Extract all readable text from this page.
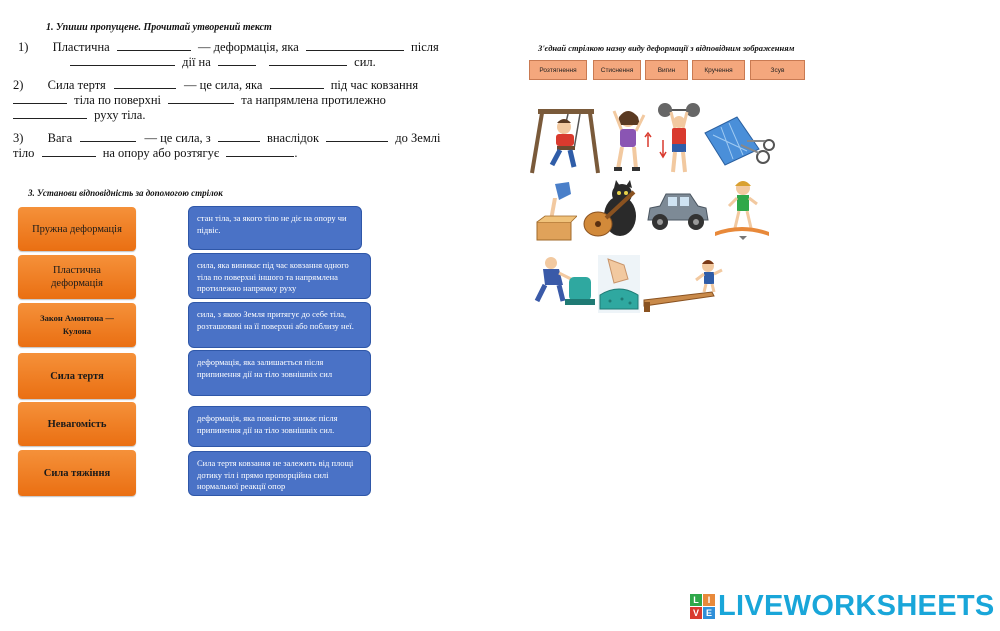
1. Упиши пропущене. Прочитай утворений текст
1) Пластична	— деформація, яка	після
дії на	сил.
2) Сила тертя	— це сила, яка	під час ковзання
тіла по поверхні	та напрямлена протилежно
руху тіла.
3) Вага	— це сила, з	внаслідок	до Землі
тіло	на опору або розтягує	.
3. Установи відповідність за допомогою стрілок
Пружна деформація
Пластична деформація
Закон Амонтона — Кулона
Сила тертя
Невагомість
Сила тяжіння
стан тіла, за якого тіло не діє на опору чи підвіс.
сила, яка виникає під час ковзання одного тіла по поверхні іншого та напрямлена протилежно напрямку руху
сила, з якою Земля притягує до себе тіла, розташовані на її поверхні або поблизу неї.
деформація, яка залишається після припинення дії на тіло зовнішніх сил
деформація, яка повністю зникає після припинення дії на тіло зовнішніх сил.
Сила тертя ковзання не залежить від площі дотику тіл і прямо пропорційна силі нормальної реакції опор
З'єднай стрілкою назву виду деформації з відповідним зображенням
Розтягнення	Стиснення	Вигин	Кручення	Зсув
L I
V E LIVEWORKSHEETS
